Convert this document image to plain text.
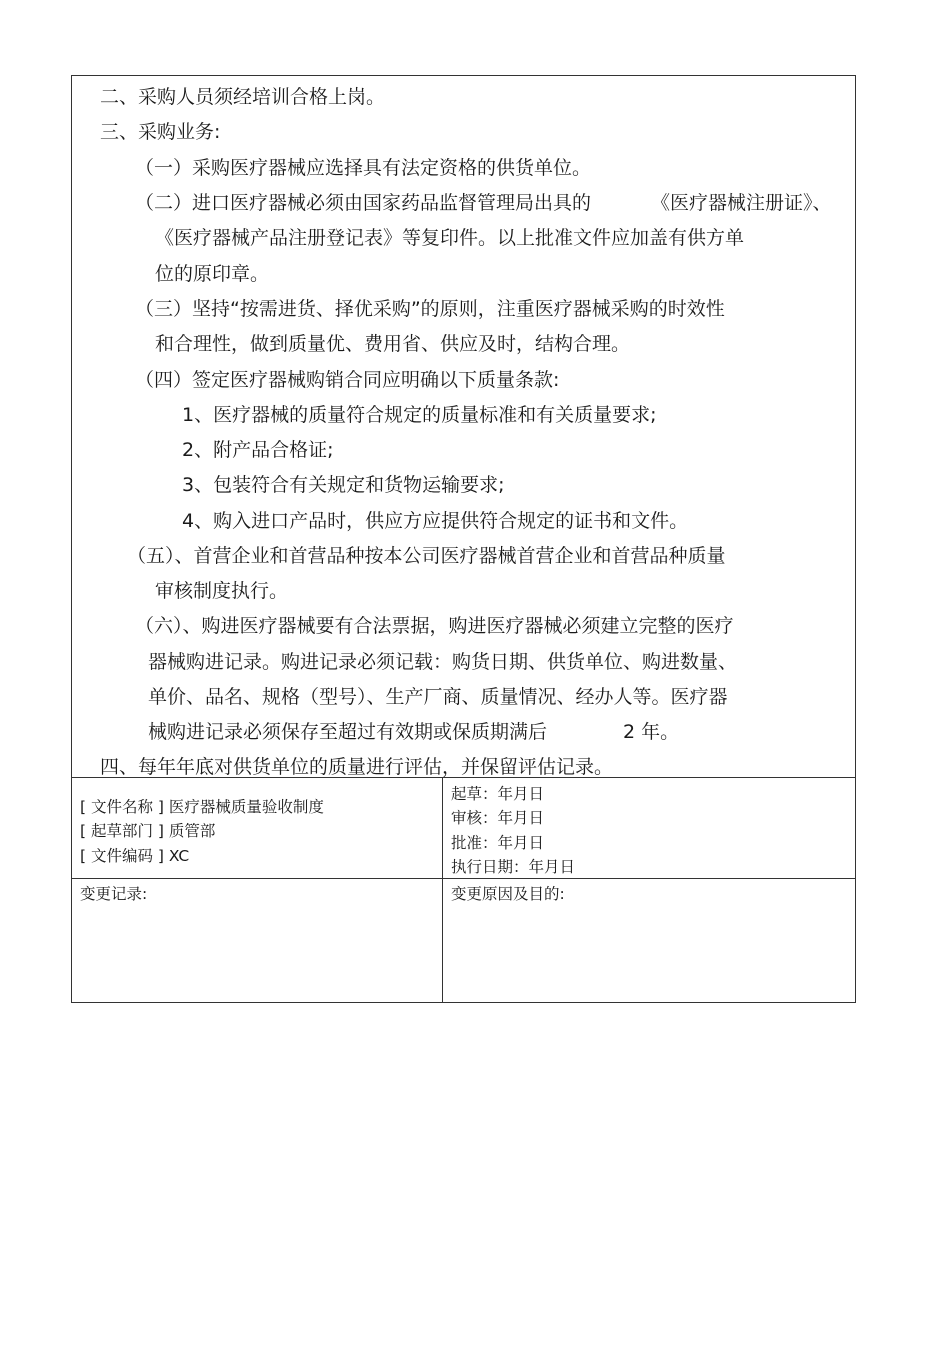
二、采购人员须经培训合格上岗。
三、采购业务:
（一）采购医疗器械应选择具有法定资格的供货单位。
（二）进口医疗器械必须由国家药品监督管理局出具的	《医疗器械注册证》、
《医疗器械产品注册登记表》等复印件。以上批准文件应加盖有供方单
位的原印章。
（三）坚持“按需进货、择优采购”的原则，注重医疗器械采购的时效性
和合理性，做到质量优、费用省、供应及时，结构合理。
（四）签定医疗器械购销合同应明确以下质量条款:
1、医疗器械的质量符合规定的质量标准和有关质量要求;
2、附产品合格证;
3、包装符合有关规定和货物运输要求;
4、购入进口产品时，供应方应提供符合规定的证书和文件。
（五）、首营企业和首营品种按本公司医疗器械首营企业和首营品种质量
审核制度执行。
（六）、购进医疗器械要有合法票据，购进医疗器械必须建立完整的医疗
器械购进记录。购进记录必须记载：购货日期、供货单位、购进数量、
单价、品名、规格（型号）、生产厂商、质量情况、经办人等。医疗器
械购进记录必须保存至超过有效期或保质期满后	2 年。
四、每年年底对供货单位的质量进行评估，并保留评估记录。
[ 文件名称 ] 医疗器械质量验收制度
[ 起草部门 ] 质管部
[ 文件编码 ] XC
起草：年月日
审核：年月日
批准：年月日
执行日期：年月日
变更记录:	变更原因及目的:
